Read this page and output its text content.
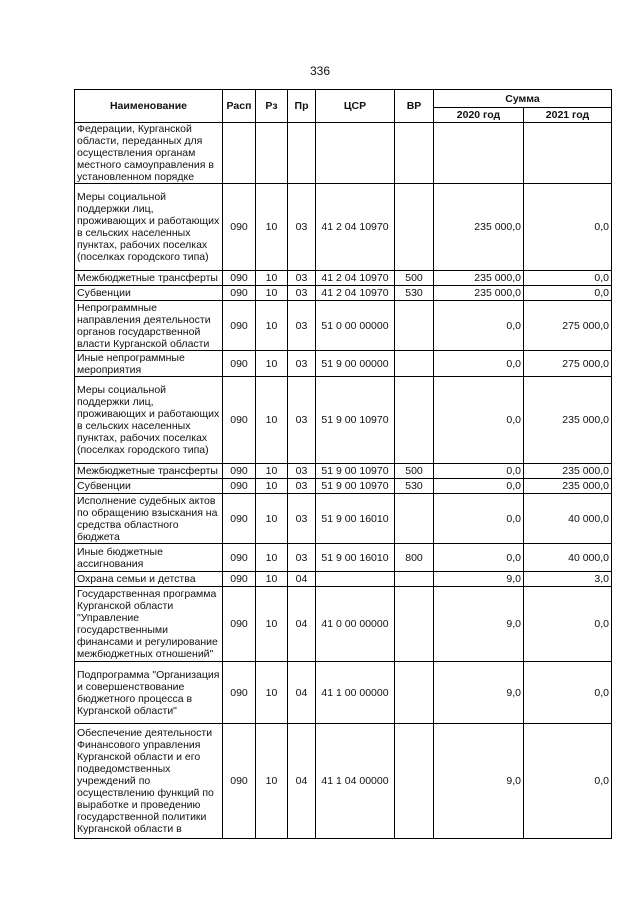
336
Наименование	Расп	Рз	Пр	ЦСР	ВР	Сумма	
						2020 год	2021 год
Федерации, Курганской области, переданных для осуществления органам местного самоуправления в установленном порядке							
Меры социальной поддержки лиц, проживающих и работающих в сельских населенных пунктах, рабочих поселках (поселках городского типа)	090	10	03	41 2 04 10970		235 000,0	0,0
Межбюджетные трансферты	090	10	03	41 2 04 10970	500	235 000,0	0,0
Субвенции	090	10	03	41 2 04 10970	530	235 000,0	0,0
Непрограммные направления деятельности органов государственной власти Курганской области	090	10	03	51 0 00 00000		0,0	275 000,0
Иные непрограммные мероприятия	090	10	03	51 9 00 00000		0,0	275 000,0
Меры социальной поддержки лиц, проживающих и работающих в сельских населенных пунктах, рабочих поселках (поселках городского типа)	090	10	03	51 9 00 10970		0,0	235 000,0
Межбюджетные трансферты	090	10	03	51 9 00 10970	500	0,0	235 000,0
Субвенции	090	10	03	51 9 00 10970	530	0,0	235 000,0
Исполнение судебных актов по обращению взыскания на средства областного бюджета	090	10	03	51 9 00 16010		0,0	40 000,0
Иные бюджетные ассигнования	090	10	03	51 9 00 16010	800	0,0	40 000,0
Охрана семьи и детства	090	10	04			9,0	3,0
Государственная программа Курганской области "Управление государственными финансами и регулирование межбюджетных отношений"	090	10	04	41 0 00 00000		9,0	0,0
Подпрограмма "Организация и совершенствование бюджетного процесса в Курганской области"	090	10	04	41 1 00 00000		9,0	0,0
Обеспечение деятельности Финансового управления Курганской области и его подведомственных учреждений по осуществлению функций по выработке и проведению государственной политики Курганской области в	090	10	04	41 1 04 00000		9,0	0,0
